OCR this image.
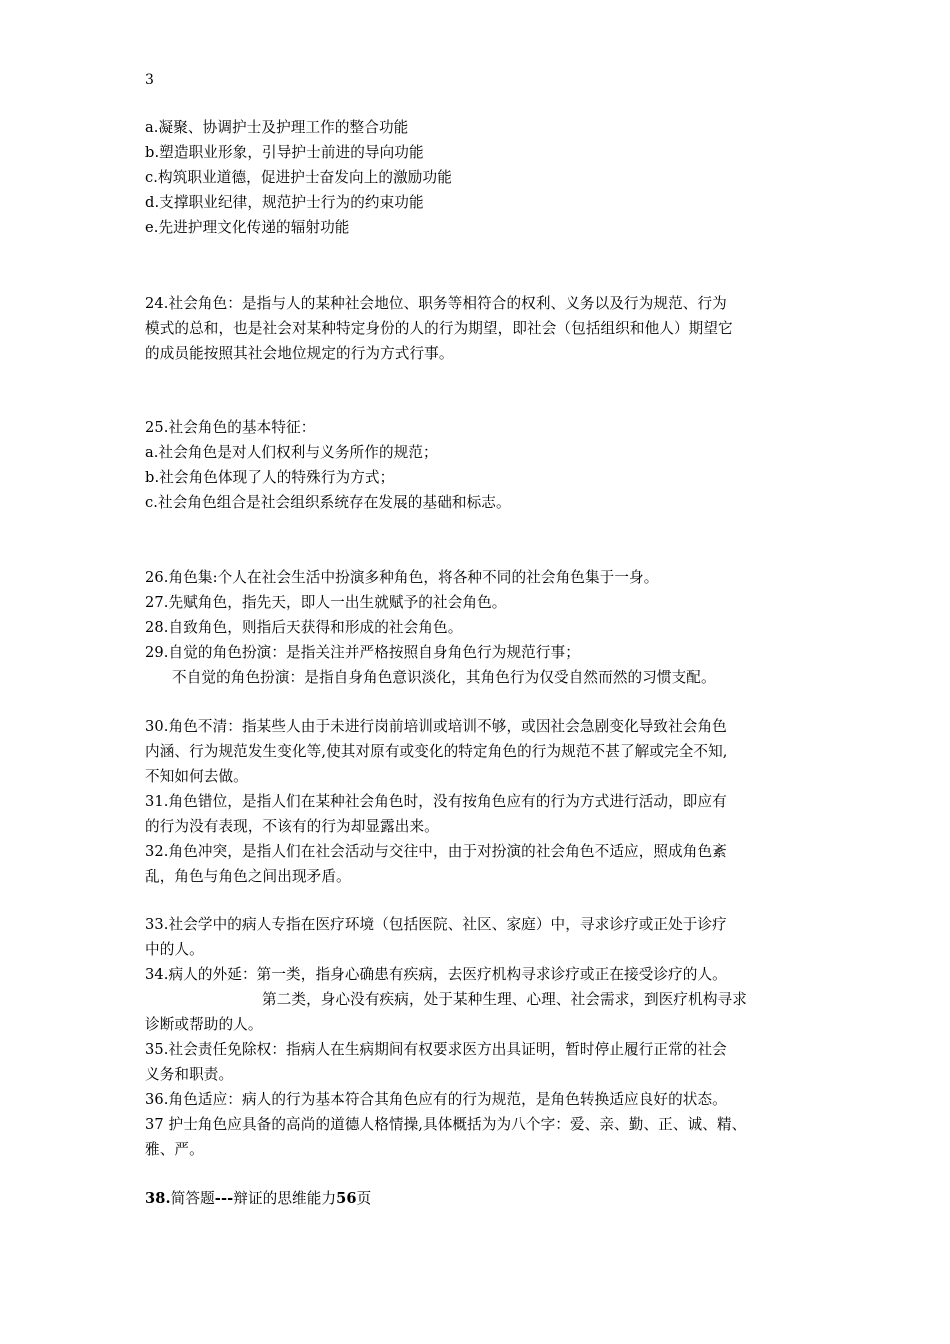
3
a.凝聚、协调护士及护理工作的整合功能
b.塑造职业形象，引导护士前进的导向功能
c.构筑职业道德，促进护士奋发向上的激励功能
d.支撑职业纪律，规范护士行为的约束功能
e.先进护理文化传递的辐射功能
24.社会角色：是指与人的某种社会地位、职务等相符合的权利、义务以及行为规范、行为
模式的总和，也是社会对某种特定身份的人的行为期望，即社会（包括组织和他人）期望它
的成员能按照其社会地位规定的行为方式行事。
25.社会角色的基本特征：
a.社会角色是对人们权利与义务所作的规范；
b.社会角色体现了人的特殊行为方式；
c.社会角色组合是社会组织系统存在发展的基础和标志。
26.角色集:个人在社会生活中扮演多种角色，将各种不同的社会角色集于一身。
27.先赋角色，指先天，即人一出生就赋予的社会角色。
28.自致角色，则指后天获得和形成的社会角色。
29.自觉的角色扮演：是指关注并严格按照自身角色行为规范行事；
不自觉的角色扮演：是指自身角色意识淡化，其角色行为仅受自然而然的习惯支配。
30.角色不清：指某些人由于未进行岗前培训或培训不够，或因社会急剧变化导致社会角色
内涵、行为规范发生变化等,使其对原有或变化的特定角色的行为规范不甚了解或完全不知,
不知如何去做。
31.角色错位，是指人们在某种社会角色时，没有按角色应有的行为方式进行活动，即应有
的行为没有表现，不该有的行为却显露出来。
32.角色冲突，是指人们在社会活动与交往中，由于对扮演的社会角色不适应，照成角色紊
乱，角色与角色之间出现矛盾。
33.社会学中的病人专指在医疗环境（包括医院、社区、家庭）中，寻求诊疗或正处于诊疗
中的人。
34.病人的外延：第一类，指身心确患有疾病，去医疗机构寻求诊疗或正在接受诊疗的人。
第二类，身心没有疾病，处于某种生理、心理、社会需求，到医疗机构寻求
诊断或帮助的人。
35.社会责任免除权：指病人在生病期间有权要求医方出具证明，暂时停止履行正常的社会
义务和职责。
36.角色适应：病人的行为基本符合其角色应有的行为规范，是角色转换适应良好的状态。
37 护士角色应具备的高尚的道德人格情操,具体概括为为八个字：爱、亲、勤、正、诚、精、
雅、严。
38.简答题---辩证的思维能力56页
